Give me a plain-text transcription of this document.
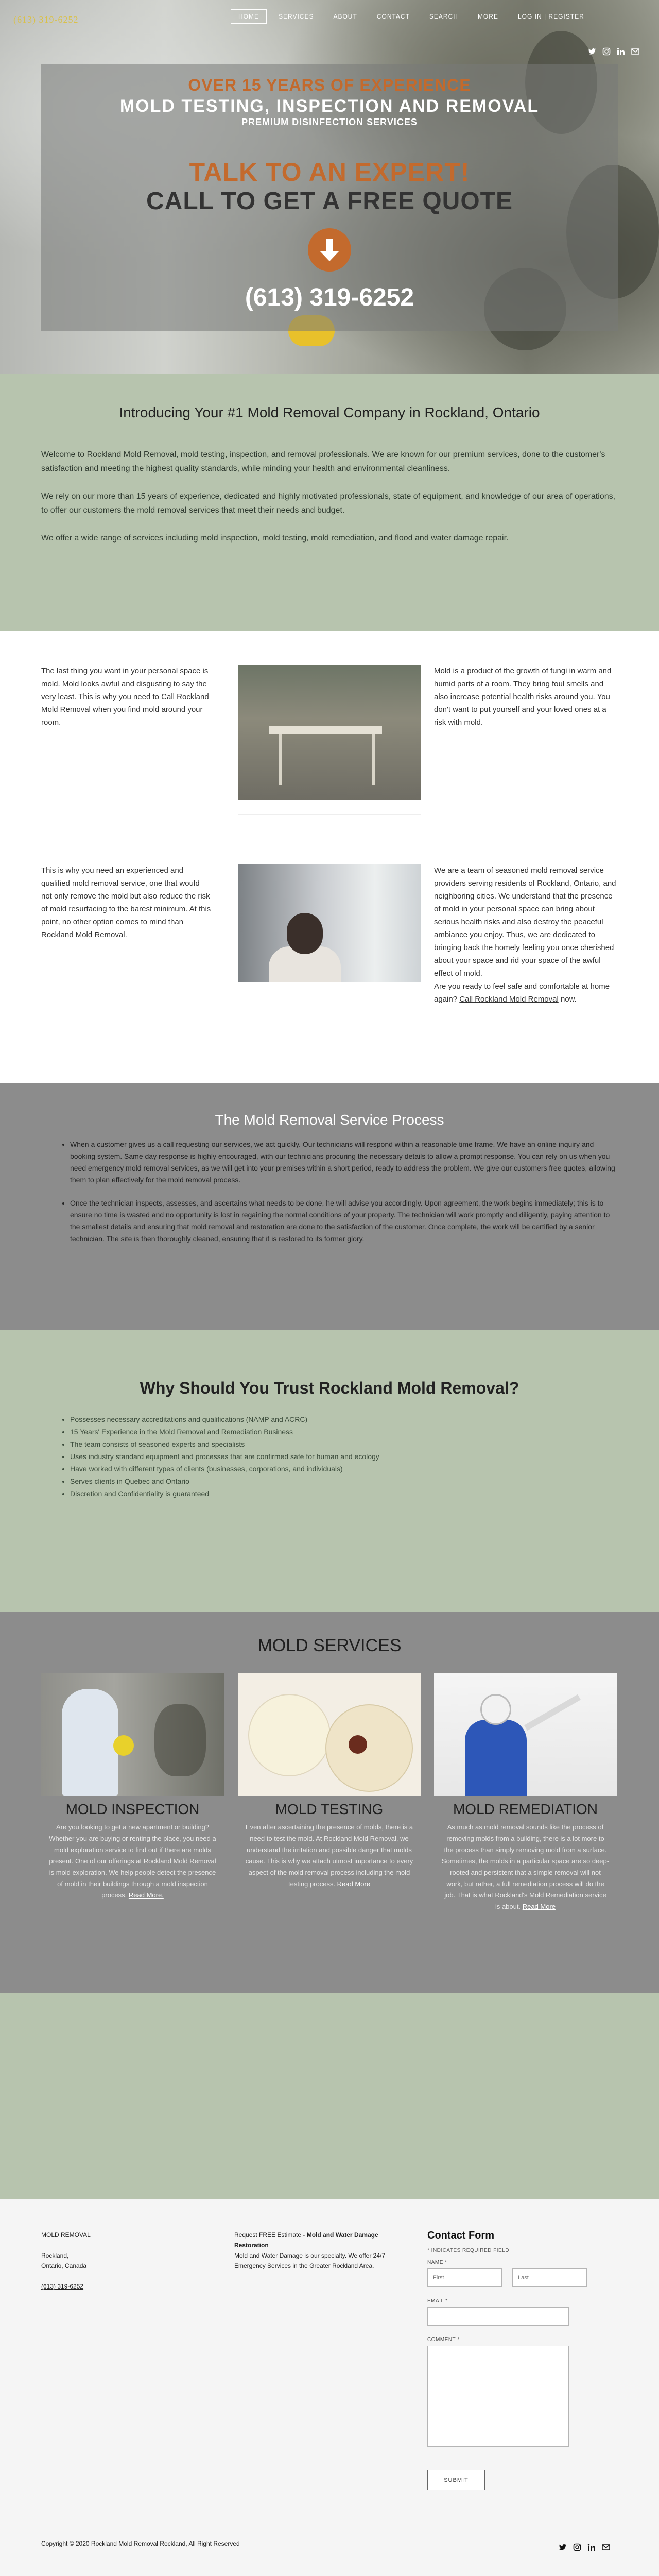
(613) 319-6252	HOME	SERVICES	ABOUT	CONTACT	SEARCH	MORE	LOG IN | REGISTER
OVER 15 YEARS OF EXPERIENCE
MOLD TESTING, INSPECTION AND REMOVAL
PREMIUM DISINFECTION SERVICES
TALK TO AN EXPERT!
CALL TO GET A FREE QUOTE
(613) 319-6252
Introducing Your #1 Mold Removal Company in Rockland, Ontario

Welcome to Rockland Mold Removal, mold testing, inspection, and removal professionals. We are known for our premium services, done to the customer's satisfaction and meeting the highest quality standards, while minding your health and environmental cleanliness.

We rely on our more than 15 years of experience, dedicated and highly motivated professionals, state of equipment, and knowledge of our area of operations, to offer our customers the mold removal services that meet their needs and budget.

We offer a wide range of services including mold inspection, mold testing, mold remediation, and flood and water damage repair.

The last thing you want in your personal space is mold. Mold looks awful and disgusting to say the very least. This is why you need to Call Rockland Mold Removal when you find mold around your room.
Mold is a product of the growth of fungi in warm and humid parts of a room. They bring foul smells and also increase potential health risks around you. You don't want to put yourself and your loved ones at a risk with mold.
This is why you need an experienced and qualified mold removal service, one that would not only remove the mold but also reduce the risk of mold resurfacing to the barest minimum. At this point, no other option comes to mind than Rockland Mold Removal.
We are a team of seasoned mold removal service providers serving residents of Rockland, Ontario, and neighboring cities. We understand that the presence of mold in your personal space can bring about serious health risks and also destroy the peaceful ambiance you enjoy. Thus, we are dedicated to bringing back the homely feeling you once cherished about your space and rid your space of the awful effect of mold.
Are you ready to feel safe and comfortable at home again? Call Rockland Mold Removal now.
The Mold Removal Service Process
• When a customer gives us a call requesting our services, we act quickly. Our technicians will respond within a reasonable time frame. We have an online inquiry and booking system. Same day response is highly encouraged, with our technicians procuring the necessary details to allow a prompt response. You can rely on us when you need emergency mold removal services, as we will get into your premises within a short period, ready to address the problem. We give our customers free quotes, allowing them to plan effectively for the mold removal process.
• Once the technician inspects, assesses, and ascertains what needs to be done, he will advise you accordingly. Upon agreement, the work begins immediately; this is to ensure no time is wasted and no opportunity is lost in regaining the normal conditions of your property. The technician will work promptly and diligently, paying attention to the smallest details and ensuring that mold removal and restoration are done to the satisfaction of the customer. Once complete, the work will be certified by a senior technician. The site is then thoroughly cleaned, ensuring that it is restored to its former glory.
Why Should You Trust Rockland Mold Removal?
• Possesses necessary accreditations and qualifications (NAMP and ACRC)
• 15 Years' Experience in the Mold Removal and Remediation Business
• The team consists of seasoned experts and specialists
• Uses industry standard equipment and processes that are confirmed safe for human and ecology
• Have worked with different types of clients (businesses, corporations, and individuals)
• Serves clients in Quebec and Ontario
• Discretion and Confidentiality is guaranteed
MOLD SERVICES
MOLD INSPECTION

Are you looking to get a new apartment or building? Whether you are buying or renting the place, you need a mold exploration service to find out if there are molds present. One of our offerings at Rockland Mold Removal is mold exploration. We help people detect the presence of mold in their buildings through a mold inspection process. Read More.

MOLD TESTING

Even after ascertaining the presence of molds, there is a need to test the mold. At Rockland Mold Removal, we understand the irritation and possible danger that molds cause. This is why we attach utmost importance to every aspect of the mold removal process including the mold testing process. Read More

MOLD REMEDIATION

As much as mold removal sounds like the process of removing molds from a building, there is a lot more to the process than simply removing mold from a surface. Sometimes, the molds in a particular space are so deep-rooted and persistent that a simple removal will not work, but rather, a full remediation process will do the job. That is what Rockland's Mold Remediation service is about. Read More

MOLD REMOVAL
Rockland,
Ontario, Canada
(613) 319-6252
Request FREE Estimate - Mold and Water Damage Restoration
Mold and Water Damage is our specialty. We offer 24/7 Emergency Services in the Greater Rockland Area.
Contact Form
* INDICATES REQUIRED FIELD
NAME *
First
Last
EMAIL *
COMMENT *
SUBMIT
Copyright © 2020 Rockland Mold Removal Rockland, All Right Reserved
